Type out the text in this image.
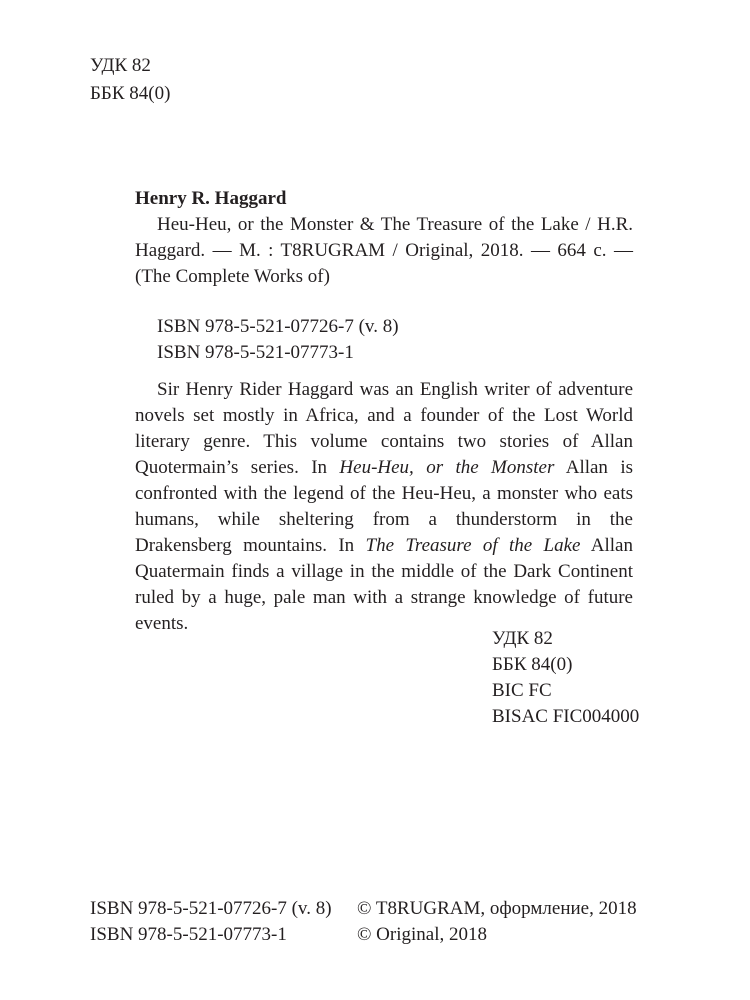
УДК 82
ББК 84(0)
Henry R. Haggard
Heu-Heu, or the Monster & The Treasure of the Lake / H.R. Haggard. — M. : T8RUGRAM / Original, 2018. — 664 с. — (The Complete Works of)
ISBN 978-5-521-07726-7 (v. 8)
ISBN 978-5-521-07773-1
Sir Henry Rider Haggard was an English writer of adventure novels set mostly in Africa, and a founder of the Lost World literary genre. This volume contains two stories of Allan Quotermain’s series. In Heu-Heu, or the Monster Allan is confronted with the legend of the Heu-Heu, a monster who eats humans, while sheltering from a thunderstorm in the Drakensberg mountains. In The Treasure of the Lake Allan Quatermain finds a village in the middle of the Dark Continent ruled by a huge, pale man with a strange knowledge of future events.
УДК 82
ББК 84(0)
BIC FC
BISAC FIC004000
ISBN 978-5-521-07726-7 (v. 8)
ISBN 978-5-521-07773-1
© T8RUGRAM, оформление, 2018
© Original, 2018
